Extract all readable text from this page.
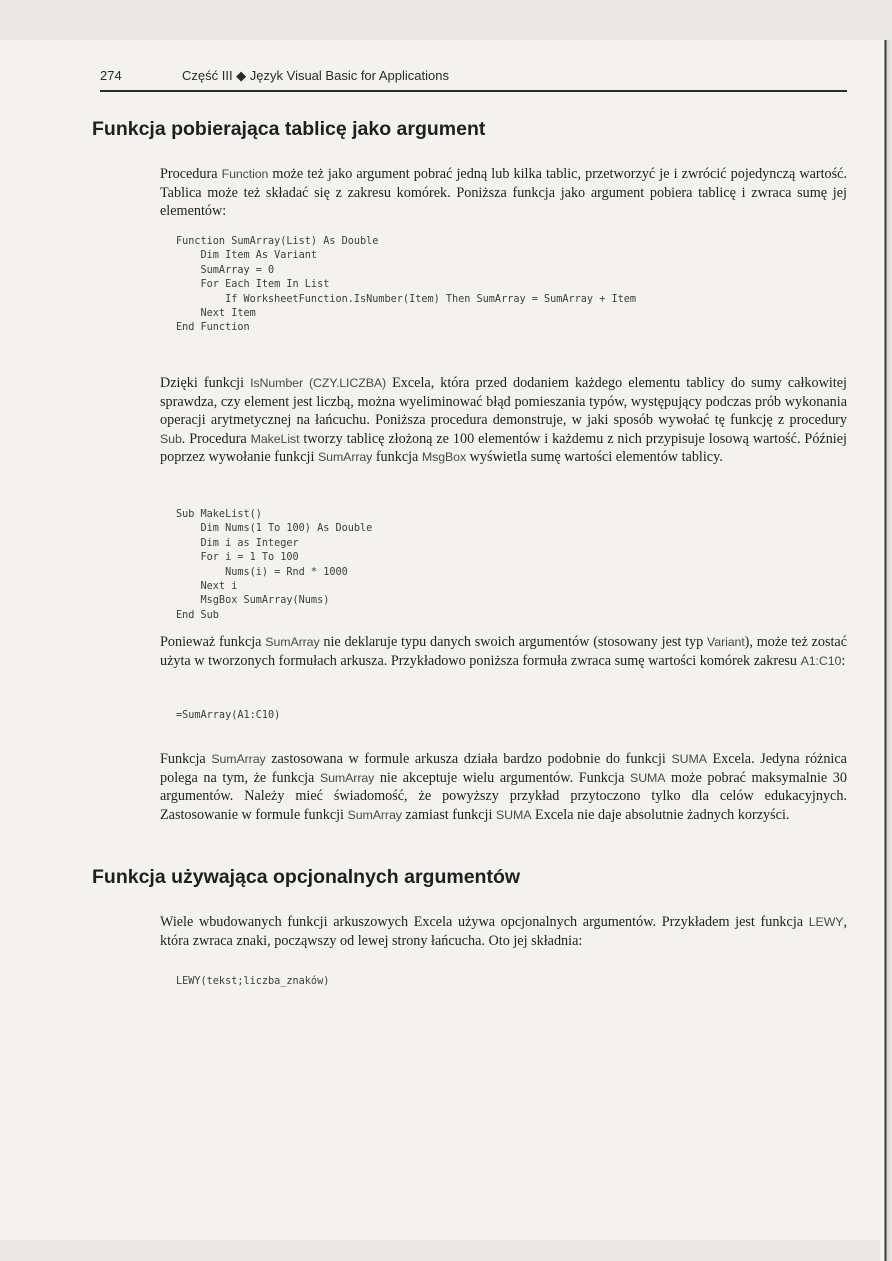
274	Część III ◆ Język Visual Basic for Applications
Funkcja pobierająca tablicę jako argument

Procedura Function może też jako argument pobrać jedną lub kilka tablic, przetworzyć je i zwrócić pojedynczą wartość. Tablica może też składać się z zakresu komórek. Poniższa funkcja jako argument pobiera tablicę i zwraca sumę jej elementów:

Function SumArray(List) As Double
Dim Item As Variant
SumArray = 0
For Each Item In List
If WorksheetFunction.IsNumber(Item) Then SumArray = SumArray + Item
Next Item
End Function

Dzięki funkcji IsNumber (CZY.LICZBA) Excela, która przed dodaniem każdego elementu tablicy do sumy całkowitej sprawdza, czy element jest liczbą, można wyeliminować błąd pomieszania typów, występujący podczas prób wykonania operacji arytmetycznej na łańcuchu. Poniższa procedura demonstruje, w jaki sposób wywołać tę funkcję z procedury Sub. Procedura MakeList tworzy tablicę złożoną ze 100 elementów i każdemu z nich przypisuje losową wartość. Później poprzez wywołanie funkcji SumArray funkcja MsgBox wyświetla sumę wartości elementów tablicy.

Sub MakeList()
Dim Nums(1 To 100) As Double
Dim i as Integer
For i = 1 To 100
Nums(i) = Rnd * 1000
Next i
MsgBox SumArray(Nums)
End Sub

Ponieważ funkcja SumArray nie deklaruje typu danych swoich argumentów (stosowany jest typ Variant), może też zostać użyta w tworzonych formułach arkusza. Przykładowo poniższa formuła zwraca sumę wartości komórek zakresu A1:C10:

=SumArray(A1:C10)

Funkcja SumArray zastosowana w formule arkusza działa bardzo podobnie do funkcji SUMA Excela. Jedyna różnica polega na tym, że funkcja SumArray nie akceptuje wielu argumentów. Funkcja SUMA może pobrać maksymalnie 30 argumentów. Należy mieć świadomość, że powyższy przykład przytoczono tylko dla celów edukacyjnych. Zastosowanie w formule funkcji SumArray zamiast funkcji SUMA Excela nie daje absolutnie żadnych korzyści.

Funkcja używająca opcjonalnych argumentów

Wiele wbudowanych funkcji arkuszowych Excela używa opcjonalnych argumentów. Przykładem jest funkcja LEWY, która zwraca znaki, począwszy od lewej strony łańcucha. Oto jej składnia:

LEWY(tekst;liczba_znaków)
